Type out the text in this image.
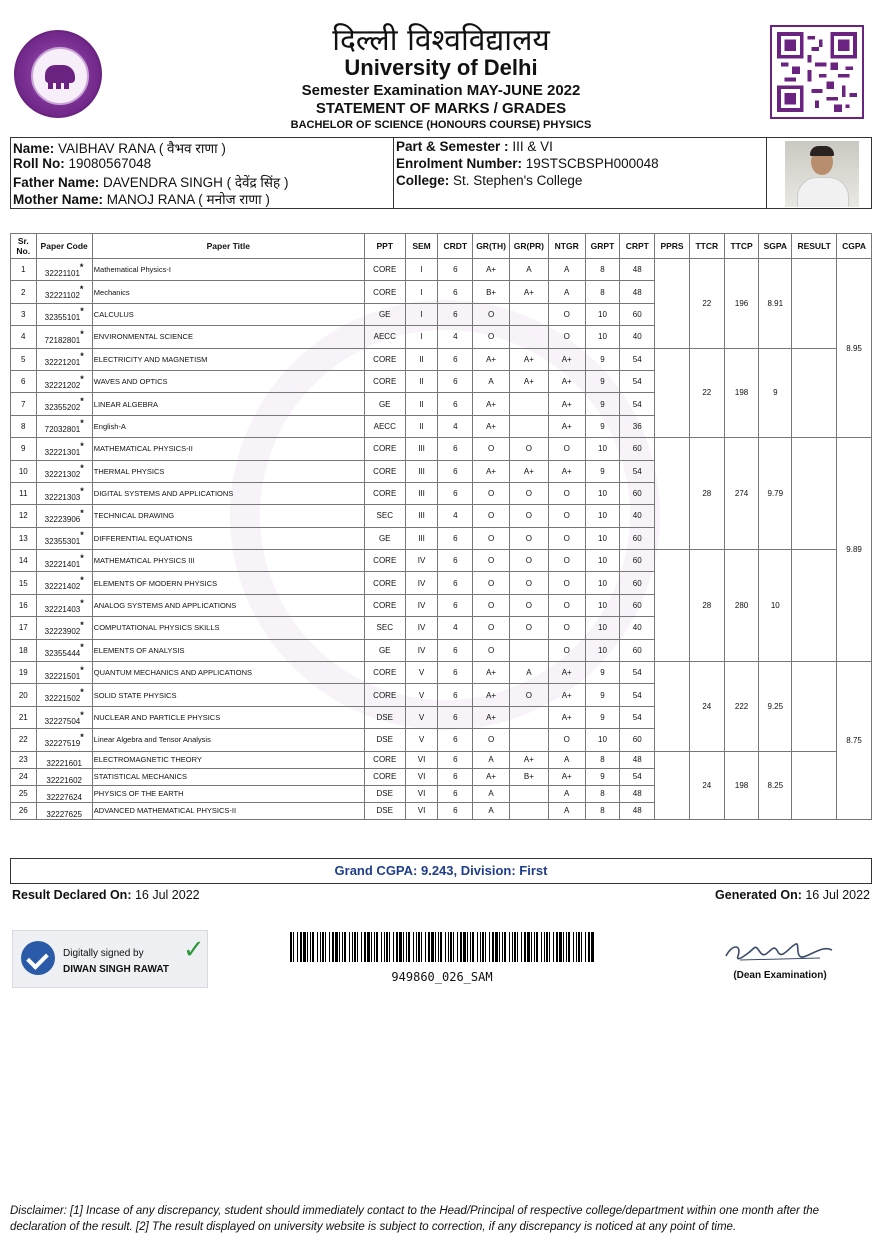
दिल्ली विश्वविद्यालय
University of Delhi
Semester Examination MAY-JUNE 2022
STATEMENT OF MARKS / GRADES
BACHELOR OF SCIENCE (HONOURS COURSE) PHYSICS
Name: VAIBHAV RANA ( वैभव राणा )
Roll No: 19080567048
Father Name: DAVENDRA SINGH ( देवेंद्र सिंह )
Mother Name: MANOJ RANA ( मनोज राणा )
Part & Semester : III & VI
Enrolment Number: 19STSCBSPH000048
College: St. Stephen's College
Sr. No.	Paper Code	Paper Title	PPT	SEM	CRDT	GR(TH)	GR(PR)	NTGR	GRPT	CRPT	PPRS	TTCR	TTCP	SGPA	RESULT	CGPA
1	32221101*	Mathematical Physics-I	CORE	I	6	A+	A	A	8	48		22	196	8.91		8.95
2	32221102*	Mechanics	CORE	I	6	B+	A+	A	8	48						
3	32355101*	CALCULUS	GE	I	6	O		O	10	60						
4	72182801*	ENVIRONMENTAL SCIENCE	AECC	I	4	O		O	10	40						
5	32221201*	ELECTRICITY AND MAGNETISM	CORE	II	6	A+	A+	A+	9	54		22	198	9		
6	32221202*	WAVES AND OPTICS	CORE	II	6	A	A+	A+	9	54						
7	32355202*	LINEAR ALGEBRA	GE	II	6	A+		A+	9	54						
8	72032801*	English-A	AECC	II	4	A+		A+	9	36						
9	32221301*	MATHEMATICAL PHYSICS-II	CORE	III	6	O	O	O	10	60		28	274	9.79		9.89
10	32221302*	THERMAL PHYSICS	CORE	III	6	A+	A+	A+	9	54						
11	32221303*	DIGITAL SYSTEMS AND APPLICATIONS	CORE	III	6	O	O	O	10	60						
12	32223906*	TECHNICAL DRAWING	SEC	III	4	O	O	O	10	40						
13	32355301*	DIFFERENTIAL EQUATIONS	GE	III	6	O	O	O	10	60						
14	32221401*	MATHEMATICAL PHYSICS III	CORE	IV	6	O	O	O	10	60		28	280	10		
15	32221402*	ELEMENTS OF MODERN PHYSICS	CORE	IV	6	O	O	O	10	60						
16	32221403*	ANALOG SYSTEMS AND APPLICATIONS	CORE	IV	6	O	O	O	10	60						
17	32223902*	COMPUTATIONAL PHYSICS SKILLS	SEC	IV	4	O	O	O	10	40						
18	32355444*	ELEMENTS OF ANALYSIS	GE	IV	6	O		O	10	60						
19	32221501*	QUANTUM MECHANICS AND APPLICATIONS	CORE	V	6	A+	A	A+	9	54		24	222	9.25		8.75
20	32221502*	SOLID STATE PHYSICS	CORE	V	6	A+	O	A+	9	54						
21	32227504*	NUCLEAR AND PARTICLE PHYSICS	DSE	V	6	A+		A+	9	54						
22	32227519*	Linear Algebra and Tensor Analysis	DSE	V	6	O		O	10	60						
23	32221601	ELECTROMAGNETIC THEORY	CORE	VI	6	A	A+	A	8	48		24	198	8.25		
24	32221602	STATISTICAL MECHANICS	CORE	VI	6	A+	B+	A+	9	54						
25	32227624	PHYSICS OF THE EARTH	DSE	VI	6	A		A	8	48						
26	32227625	ADVANCED MATHEMATICAL PHYSICS-II	DSE	VI	6	A		A	8	48						
Grand CGPA: 9.243, Division: First
Result Declared On: 16 Jul 2022	Generated On: 16 Jul 2022
Digitally signed by
DIWAN SINGH RAWAT
✓
949860_026_SAM	(Dean Examination)
Disclaimer: [1] Incase of any discrepancy, student should immediately contact to the Head/Principal of respective college/department within one month after the declaration of the result. [2] The result displayed on university website is subject to correction, if any discrepancy is noticed at any point of time.
